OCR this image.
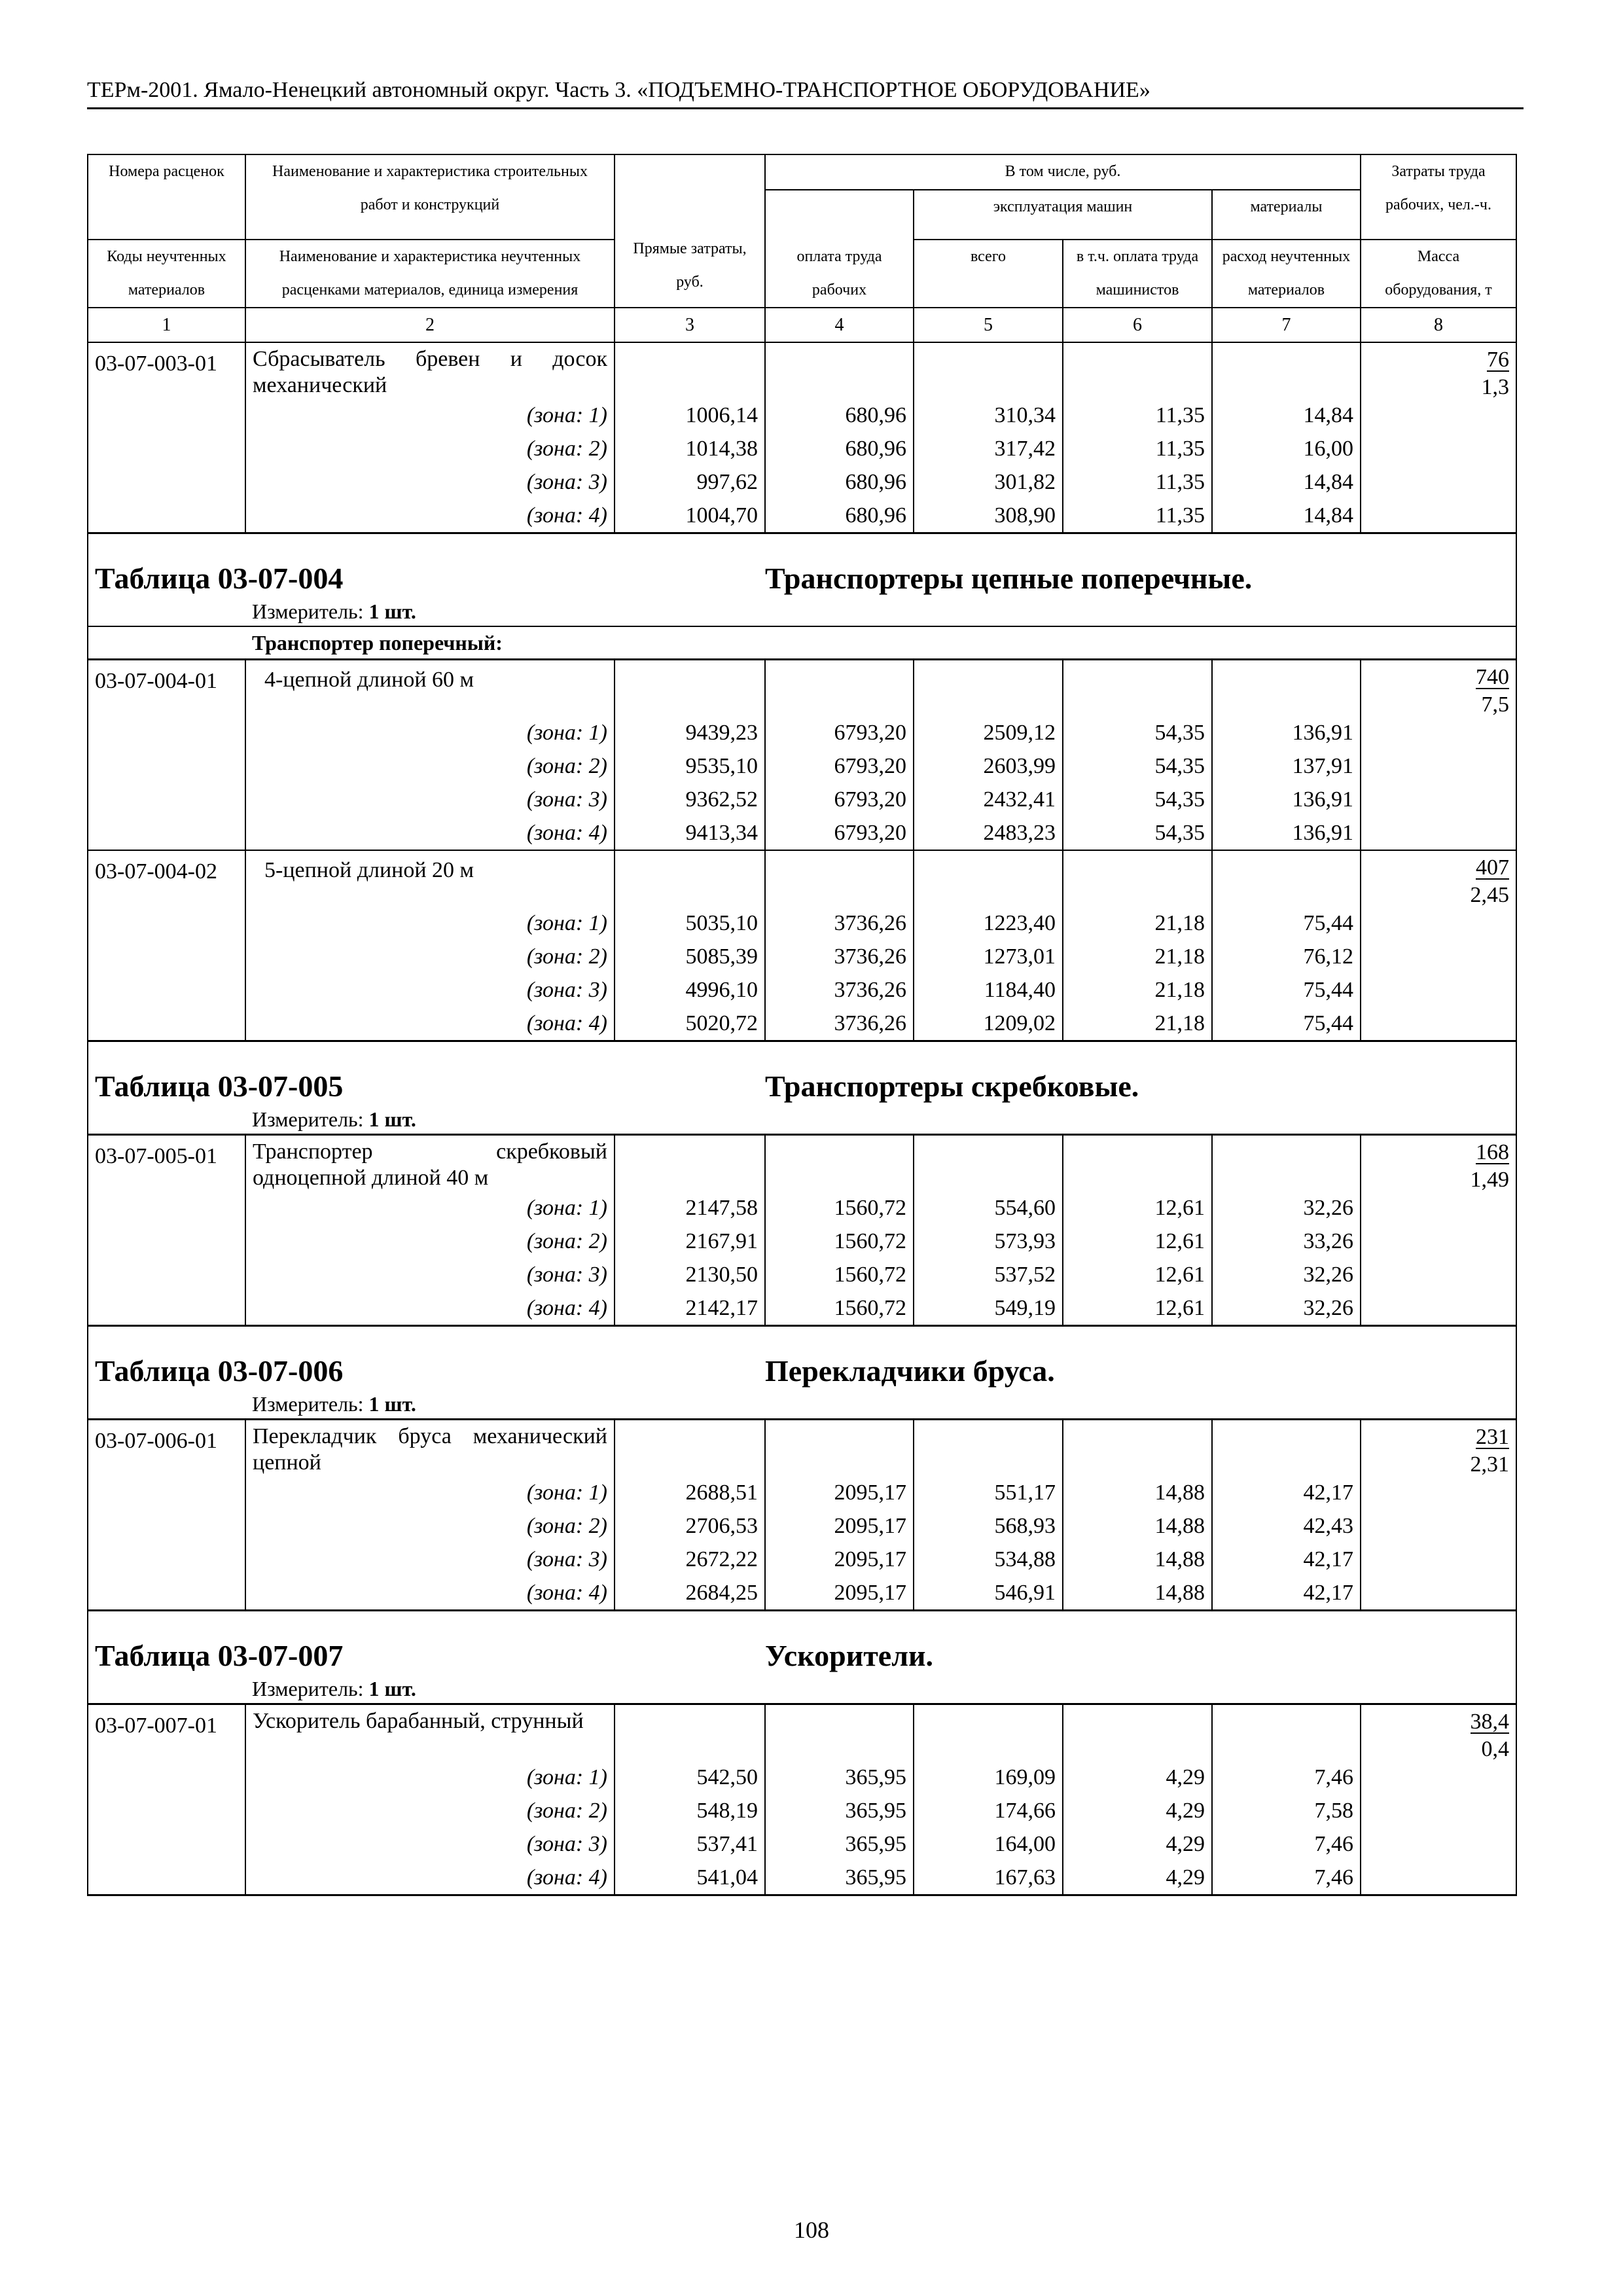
ТЕРм-2001. Ямало-Ненецкий автономный округ. Часть 3. «ПОДЪЕМНО-ТРАНСПОРТНОЕ ОБОРУДОВАНИЕ»
Номера расценок	Наименование и характеристика строительных работ и конструкций	Прямые затраты, руб.	В том числе, руб.				Затраты труда рабочих, чел.-ч.
			оплата труда рабочих	эксплуатация машин		материалы	
Коды неучтенных материалов	Наименование и характеристика неучтенных расценками материалов, единица измерения			всего	в т.ч. оплата труда машинистов	расход неучтенных материалов	Масса оборудования, т
1	2	3	4	5	6	7	8
03-07-003-01	Сбрасыватель бревен и досок механический						76
1,3

	(зона: 1)	1006,14	680,96	310,34	11,35	14,84	
	(зона: 2)	1014,38	680,96	317,42	11,35	16,00	
	(зона: 3)	997,62	680,96	301,82	11,35	14,84	
	(зона: 4)	1004,70	680,96	308,90	11,35	14,84	
Таблица 03-07-004			Транспортеры цепные поперечные.				
	Измеритель: 1 шт.						
	Транспортер поперечный:						
03-07-004-01	4-цепной длиной 60 м						740
7,5

	(зона: 1)	9439,23	6793,20	2509,12	54,35	136,91	
	(зона: 2)	9535,10	6793,20	2603,99	54,35	137,91	
	(зона: 3)	9362,52	6793,20	2432,41	54,35	136,91	
	(зона: 4)	9413,34	6793,20	2483,23	54,35	136,91	
03-07-004-02	5-цепной длиной 20 м						407
2,45

	(зона: 1)	5035,10	3736,26	1223,40	21,18	75,44	
	(зона: 2)	5085,39	3736,26	1273,01	21,18	76,12	
	(зона: 3)	4996,10	3736,26	1184,40	21,18	75,44	
	(зона: 4)	5020,72	3736,26	1209,02	21,18	75,44	
Таблица 03-07-005			Транспортеры скребковые.				
	Измеритель: 1 шт.						
03-07-005-01	Транспортер скребковый одноцепной длиной 40 м						168
1,49

	(зона: 1)	2147,58	1560,72	554,60	12,61	32,26	
	(зона: 2)	2167,91	1560,72	573,93	12,61	33,26	
	(зона: 3)	2130,50	1560,72	537,52	12,61	32,26	
	(зона: 4)	2142,17	1560,72	549,19	12,61	32,26	
Таблица 03-07-006			Перекладчики бруса.				
	Измеритель: 1 шт.						
03-07-006-01	Перекладчик бруса механический цепной						231
2,31

	(зона: 1)	2688,51	2095,17	551,17	14,88	42,17	
	(зона: 2)	2706,53	2095,17	568,93	14,88	42,43	
	(зона: 3)	2672,22	2095,17	534,88	14,88	42,17	
	(зона: 4)	2684,25	2095,17	546,91	14,88	42,17	
Таблица 03-07-007			Ускорители.				
	Измеритель: 1 шт.						
03-07-007-01	Ускоритель барабанный, струнный						38,4
0,4

	(зона: 1)	542,50	365,95	169,09	4,29	7,46	
	(зона: 2)	548,19	365,95	174,66	4,29	7,58	
	(зона: 3)	537,41	365,95	164,00	4,29	7,46	
	(зона: 4)	541,04	365,95	167,63	4,29	7,46	
108
